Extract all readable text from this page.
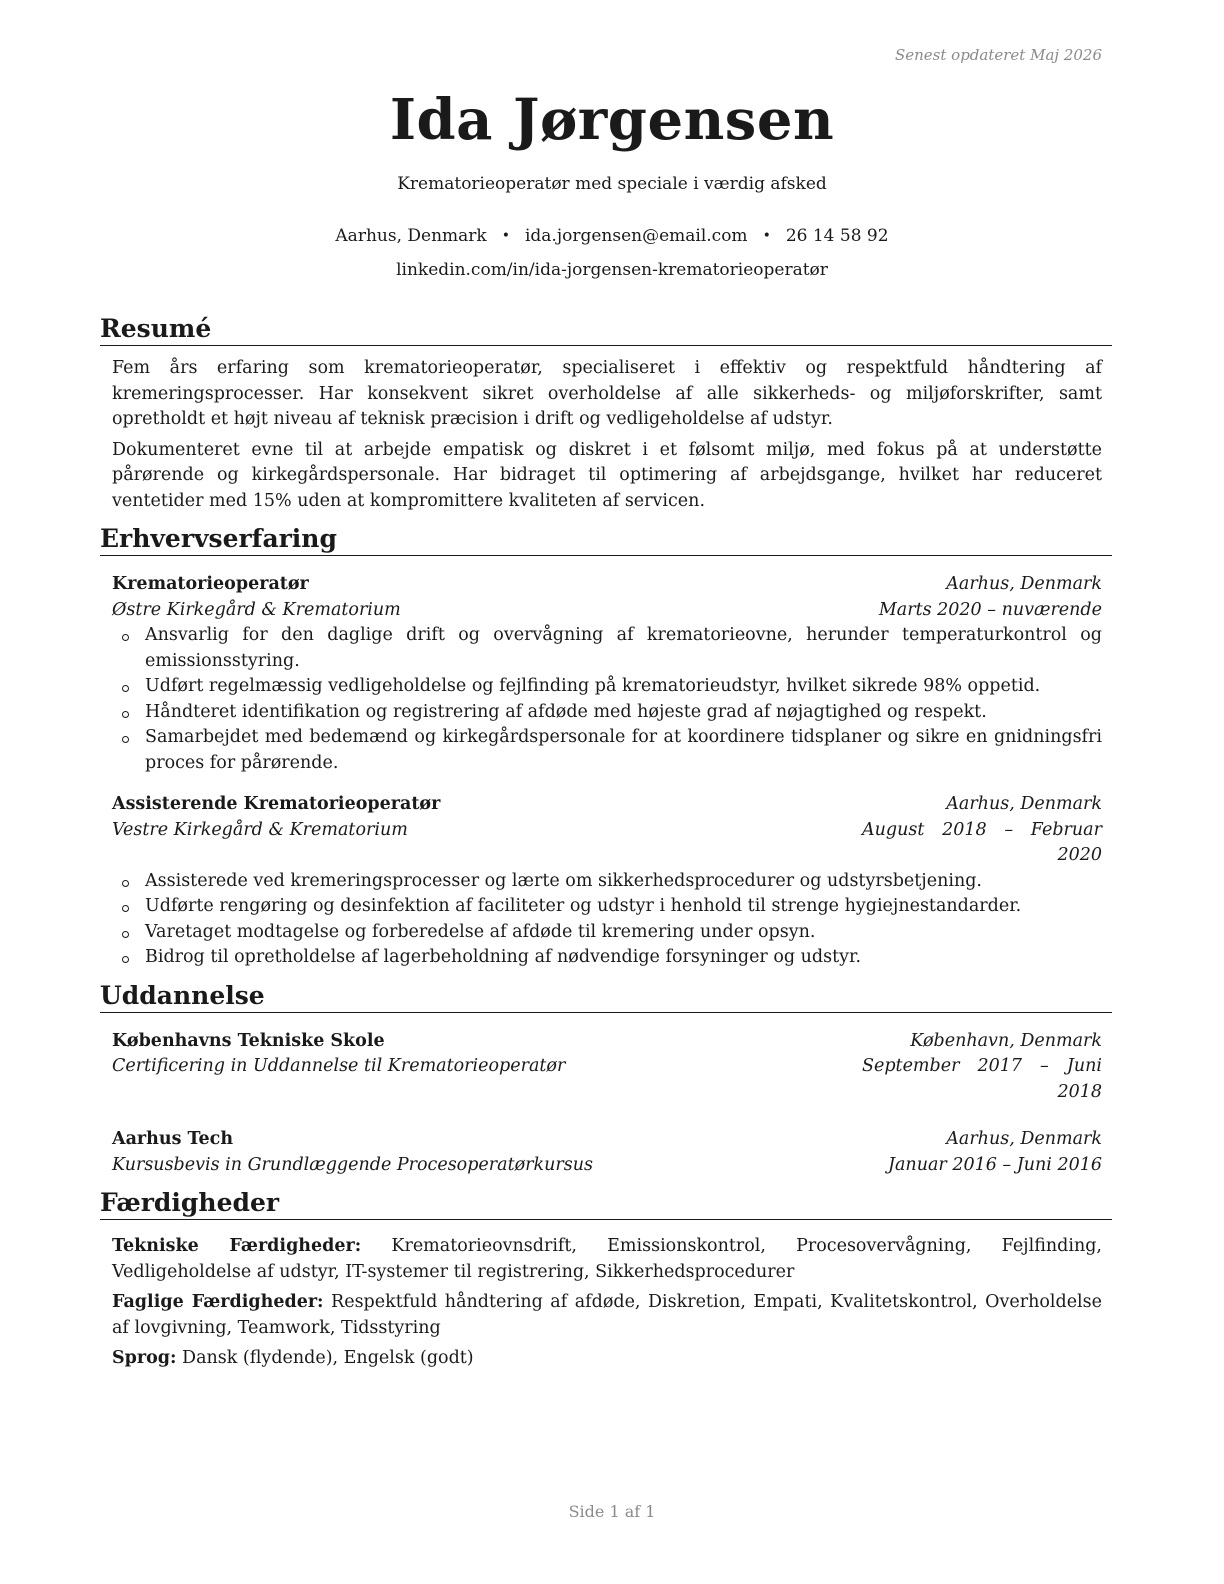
Senest opdateret Maj 2026
Ida Jørgensen
Krematorieoperatør med speciale i værdig afsked
Aarhus, Denmark • ida.jorgensen@email.com • 26 14 58 92
linkedin.com/in/ida-jorgensen-krematorieoperatør
Resumé

Fem års erfaring som krematorieoperatør, specialiseret i effektiv og respektfuld håndtering af kremeringsprocesser. Har konsekvent sikret overholdelse af alle sikkerheds- og miljøforskrifter, samt opretholdt et højt niveau af teknisk præcision i drift og vedligeholdelse af udstyr.

Dokumenteret evne til at arbejde empatisk og diskret i et følsomt miljø, med fokus på at understøtte pårørende og kirkegårdspersonale. Har bidraget til optimering af arbejdsgange, hvilket har reduceret ventetider med 15% uden at kompromittere kvaliteten af servicen.

Erhvervserfaring
Krematorieoperatør	Aarhus, Denmark
Østre Kirkegård & Krematorium	Marts 2020 – nuværende
Ansvarlig for den daglige drift og overvågning af krematorieovne, herunder temperaturkontrol og emissionsstyring.
Udført regelmæssig vedligeholdelse og fejlfinding på krematorieudstyr, hvilket sikrede 98% oppetid.
Håndteret identifikation og registrering af afdøde med højeste grad af nøjagtighed og respekt.
Samarbejdet med bedemænd og kirkegårdspersonale for at koordinere tidsplaner og sikre en gnidningsfri proces for pårørende.
Assisterende Krematorieoperatør	Aarhus, Denmark
Vestre Kirkegård & Krematorium	August 2018 – Februar 2020
Assisterede ved kremeringsprocesser og lærte om sikkerhedsprocedurer og udstyrsbetjening.
Udførte rengøring og desinfektion af faciliteter og udstyr i henhold til strenge hygiejnestandarder.
Varetaget modtagelse og forberedelse af afdøde til kremering under opsyn.
Bidrog til opretholdelse af lagerbeholdning af nødvendige forsyninger og udstyr.
Uddannelse
Københavns Tekniske Skole	København, Denmark
Certificering in Uddannelse til Krematorieoperatør	September 2017 – Juni 2018
Aarhus Tech	Aarhus, Denmark
Kursusbevis in Grundlæggende Procesoperatørkursus	Januar 2016 – Juni 2016
Færdigheder

Tekniske Færdigheder: Krematorieovnsdrift, Emissionskontrol, Procesovervågning, Fejlfinding, Vedligeholdelse af udstyr, IT-systemer til registrering, Sikkerhedsprocedurer

Faglige Færdigheder: Respektfuld håndtering af afdøde, Diskretion, Empati, Kvalitetskontrol, Overholdelse af lovgivning, Teamwork, Tidsstyring

Sprog: Dansk (flydende), Engelsk (godt)

Side 1 af 1
